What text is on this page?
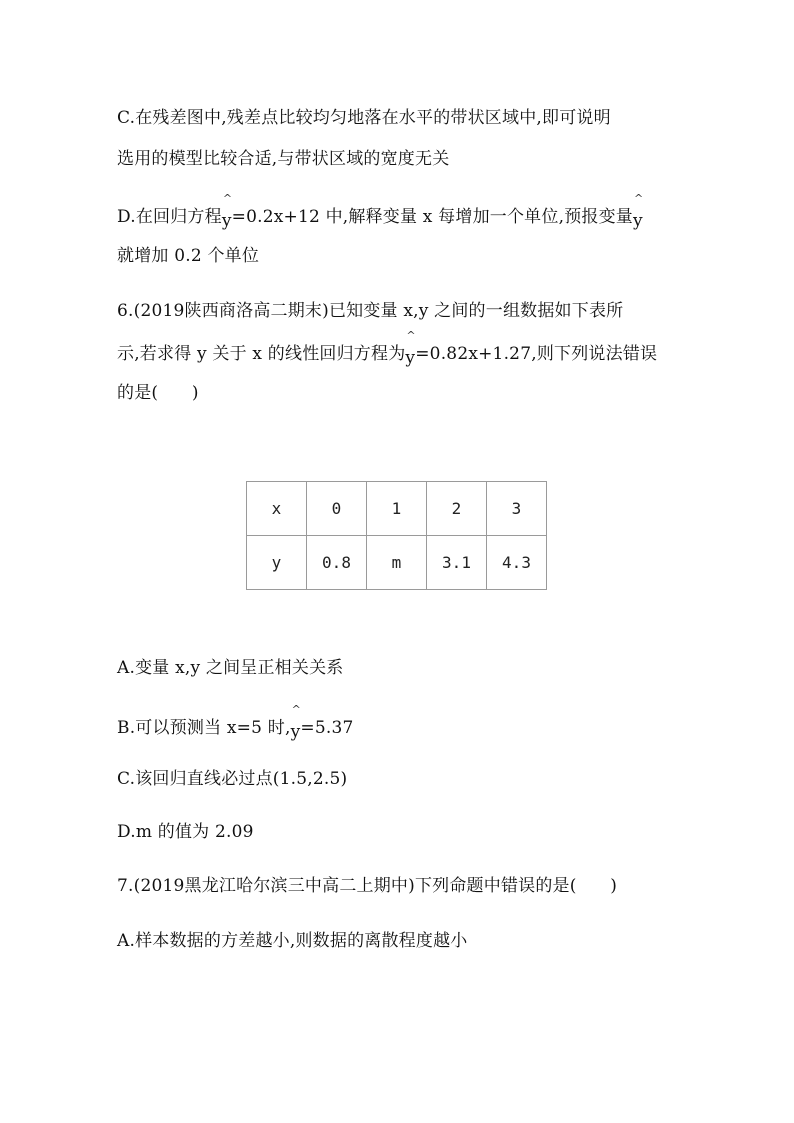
C.在残差图中,残差点比较均匀地落在水平的带状区域中,即可说明
选用的模型比较合适,与带状区域的宽度无关
D.在回归方程^ y=0.2x+12 中,解释变量 x 每增加一个单位,预报变量^ y
就增加 0.2 个单位
6.(2019陕西商洛高二期末)已知变量 x,y 之间的一组数据如下表所
示,若求得 y 关于 x 的线性回归方程为^ y=0.82x+1.27,则下列说法错误
的是(      )
x	0	1	2	3
y	0.8	m	3.1	4.3
A.变量 x,y 之间呈正相关关系
B.可以预测当 x=5 时,^ y=5.37
C.该回归直线必过点(1.5,2.5)
D.m 的值为 2.09
7.(2019黑龙江哈尔滨三中高二上期中)下列命题中错误的是(      )
A.样本数据的方差越小,则数据的离散程度越小
